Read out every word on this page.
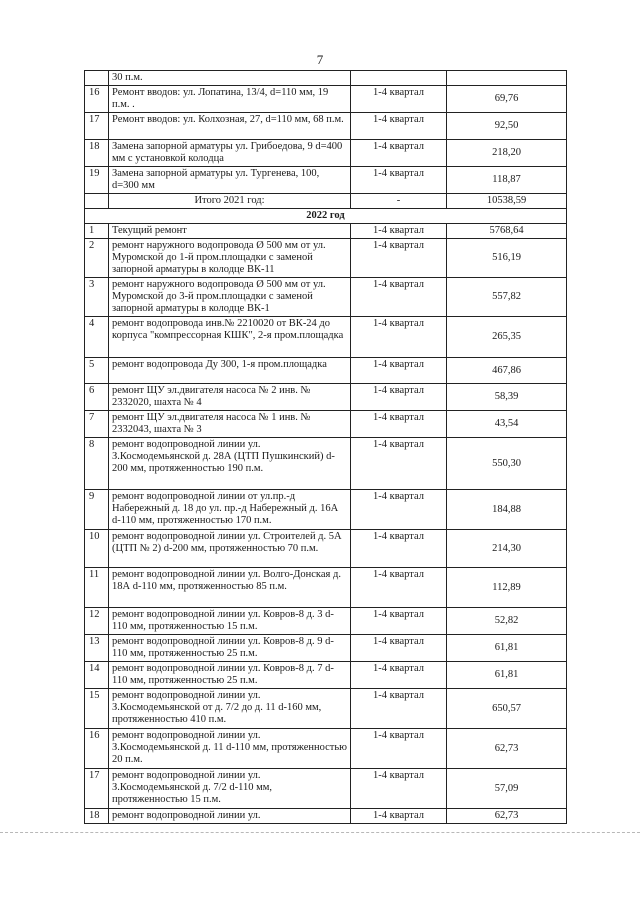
7
	30 п.м.		
16	Ремонт вводов: ул. Лопатина, 13/4, d=110 мм, 19 п.м. .	1-4 квартал	69,76
17	Ремонт вводов: ул. Колхозная, 27, d=110 мм, 68 п.м.	1-4 квартал	92,50
18	Замена запорной арматуры ул. Грибоедова, 9 d=400 мм с установкой колодца	1-4 квартал	218,20
19	Замена запорной арматуры ул. Тургенева, 100, d=300 мм	1-4 квартал	118,87
	Итого 2021 год:	-	10538,59
2022 год			
1	Текущий ремонт	1-4 квартал	5768,64
2	ремонт наружного водопровода Ø 500 мм от ул. Муромской до 1-й пром.площадки с заменой запорной арматуры в колодце ВК-11	1-4 квартал	516,19
3	ремонт наружного водопровода Ø 500 мм от ул. Муромской до 3-й пром.площадки с заменой запорной арматуры в колодце ВК-1	1-4 квартал	557,82
4	ремонт водопровода инв.№ 2210020 от ВК-24 до корпуса "компрессорная КШК", 2-я пром.площадка	1-4 квартал	265,35
5	ремонт водопровода Ду 300, 1-я пром.площадка	1-4 квартал	467,86
6	ремонт ЩУ эл.двигателя насоса № 2 инв. № 2332020, шахта № 4	1-4 квартал	58,39
7	ремонт ЩУ эл.двигателя насоса № 1 инв. № 2332043, шахта № 3	1-4 квартал	43,54
8	ремонт водопроводной линии ул. З.Космодемьянской д. 28А (ЦТП Пушкинский) d-200 мм, протяженностью 190 п.м.	1-4 квартал	550,30
9	ремонт водопроводной линии от ул.пр.-д Набережный д. 18 до ул. пр.-д Набережный д. 16А d-110 мм, протяженностью 170 п.м.	1-4 квартал	184,88
10	ремонт водопроводной линии ул. Строителей д. 5А (ЦТП № 2) d-200 мм, протяженностью 70 п.м.	1-4 квартал	214,30
11	ремонт водопроводной линии ул. Волго-Донская д. 18А d-110 мм, протяженностью 85 п.м.	1-4 квартал	112,89
12	ремонт водопроводной линии ул. Ковров-8 д. 3 d-110 мм, протяженностью 15 п.м.	1-4 квартал	52,82
13	ремонт водопроводной линии ул. Ковров-8 д. 9 d-110 мм, протяженностью 25 п.м.	1-4 квартал	61,81
14	ремонт водопроводной линии ул. Ковров-8 д. 7 d-110 мм, протяженностью 25 п.м.	1-4 квартал	61,81
15	ремонт водопроводной линии ул. З.Космодемьянской от д. 7/2 до д. 11 d-160 мм, протяженностью 410 п.м.	1-4 квартал	650,57
16	ремонт водопроводной линии ул. З.Космодемьянской д. 11 d-110 мм, протяженностью 20 п.м.	1-4 квартал	62,73
17	ремонт водопроводной линии ул. З.Космодемьянской д. 7/2 d-110 мм, протяженностью 15 п.м.	1-4 квартал	57,09
18	ремонт водопроводной линии ул.	1-4 квартал	62,73
